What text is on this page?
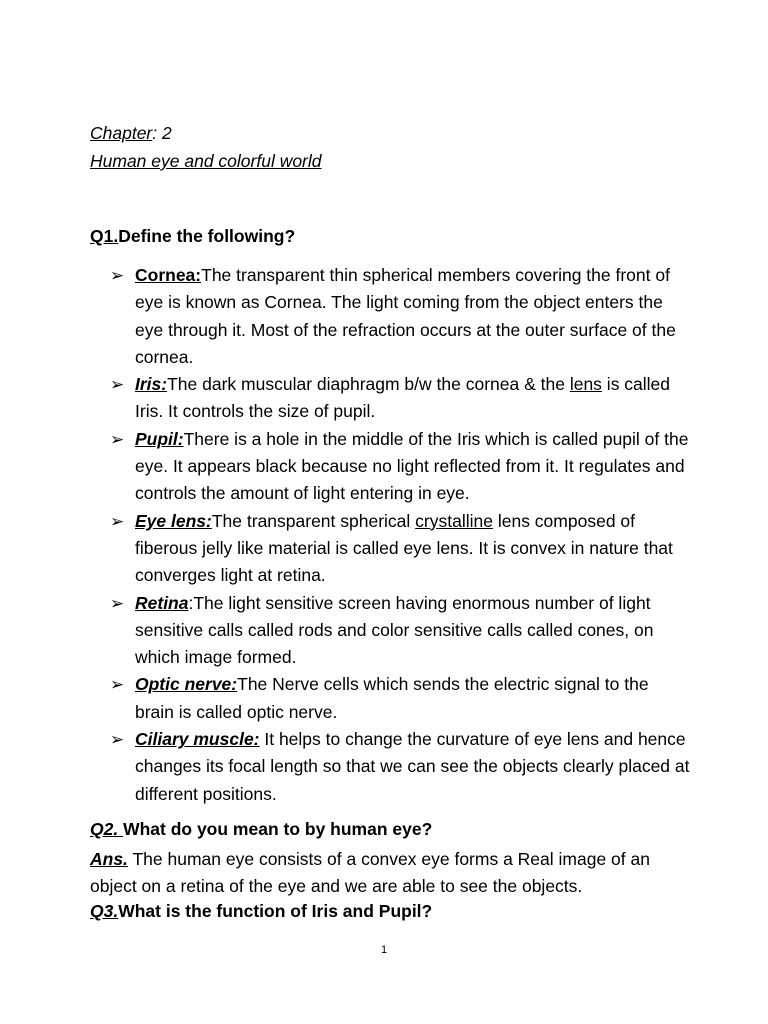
Chapter: 2
Human eye and colorful world
Q1.Define the following?
➢ Cornea:The transparent thin spherical members covering the front of eye is known as Cornea. The light coming from the object enters the eye through it. Most of the refraction occurs at the outer surface of the cornea.
➢ Iris:The dark muscular diaphragm b/w the cornea & the lens is called Iris. It controls the size of pupil.
➢ Pupil:There is a hole in the middle of the Iris which is called pupil of the eye. It appears black because no light reflected from it. It regulates and controls the amount of light entering in eye.
➢ Eye lens:The transparent spherical crystalline lens composed of fiberous jelly like material is called eye lens. It is convex in nature that converges light at retina.
➢ Retina:The light sensitive screen having enormous number of light sensitive calls called rods and color sensitive calls called cones, on which image formed.
➢ Optic nerve:The Nerve cells which sends the electric signal to the brain is called optic nerve.
➢ Ciliary muscle: It helps to change the curvature of eye lens and hence changes its focal length so that we can see the objects clearly placed at different positions.
Q2. What do you mean to by human eye?
Ans. The human eye consists of a convex eye forms a Real image of an object on a retina of the eye and we are able to see the objects.
Q3.What is the function of Iris and Pupil?
1
